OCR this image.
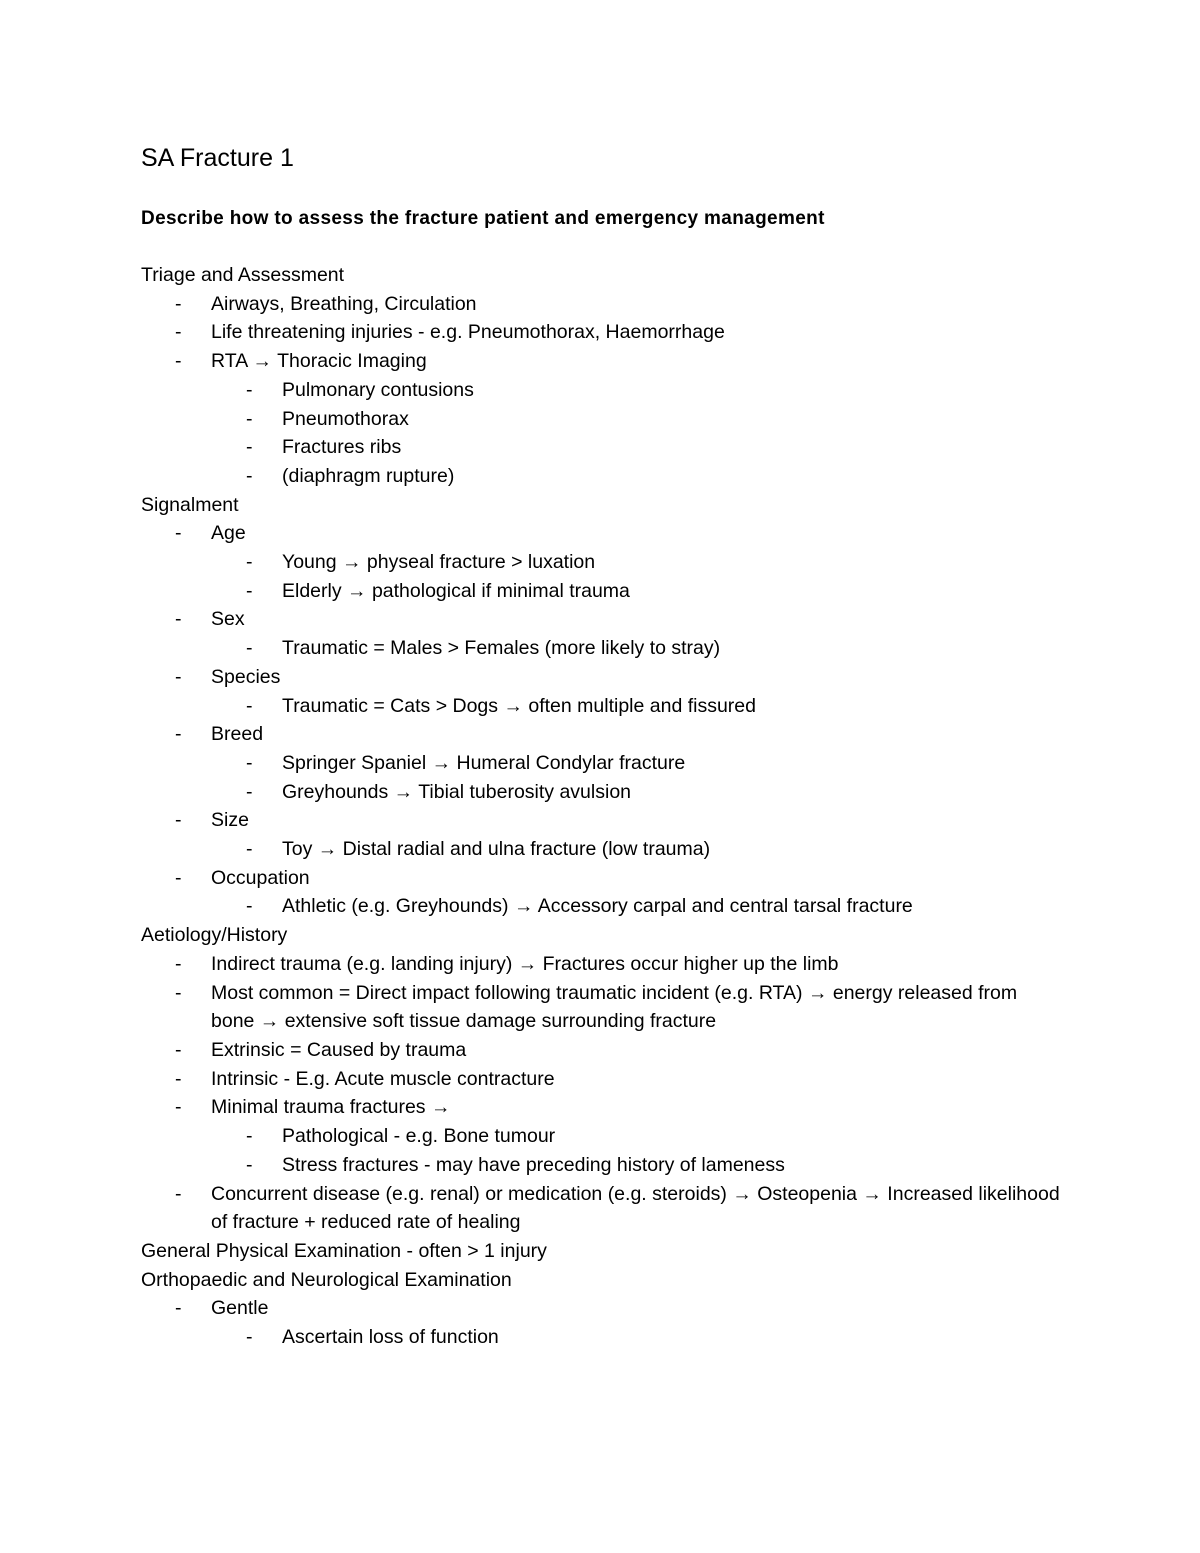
SA Fracture 1
Describe how to assess the fracture patient and emergency management
Triage and Assessment
- Airways, Breathing, Circulation
- Life threatening injuries - e.g. Pneumothorax, Haemorrhage
- RTA → Thoracic Imaging
- Pulmonary contusions
- Pneumothorax
- Fractures ribs
- (diaphragm rupture)
Signalment
- Age
- Young → physeal fracture > luxation
- Elderly → pathological if minimal trauma
- Sex
- Traumatic = Males > Females (more likely to stray)
- Species
- Traumatic = Cats > Dogs → often multiple and fissured
- Breed
- Springer Spaniel → Humeral Condylar fracture
- Greyhounds → Tibial tuberosity avulsion
- Size
- Toy → Distal radial and ulna fracture (low trauma)
- Occupation
- Athletic (e.g. Greyhounds) → Accessory carpal and central tarsal fracture
Aetiology/History
- Indirect trauma (e.g. landing injury) → Fractures occur higher up the limb
- Most common = Direct impact following traumatic incident (e.g. RTA) → energy released from bone → extensive soft tissue damage surrounding fracture
- Extrinsic = Caused by trauma
- Intrinsic - E.g. Acute muscle contracture
- Minimal trauma fractures →
- Pathological - e.g. Bone tumour
- Stress fractures - may have preceding history of lameness
- Concurrent disease (e.g. renal) or medication (e.g. steroids) → Osteopenia → Increased likelihood of fracture + reduced rate of healing
General Physical Examination - often > 1 injury
Orthopaedic and Neurological Examination
- Gentle
- Ascertain loss of function
